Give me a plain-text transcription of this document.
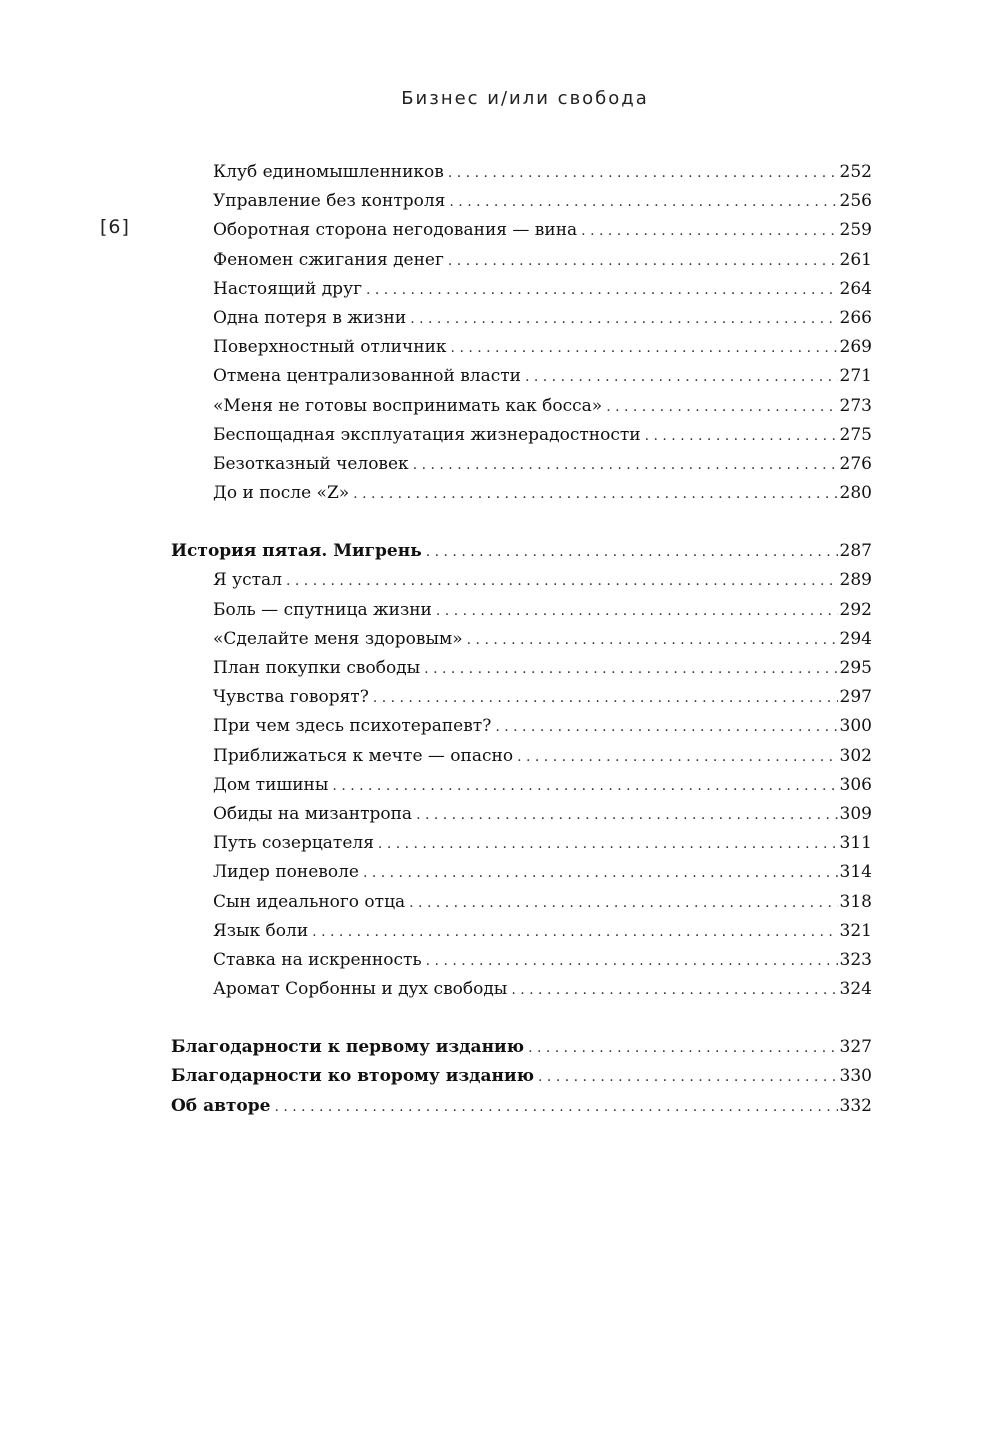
Бизнес и/или свобода
[6]
Клуб единомышленников . . .	252
Управление без контроля . . .	256
Оборотная сторона негодования — вина . . .	259
Феномен сжигания денег . . .	261
Настоящий друг . . .	264
Одна потеря в жизни . . .	266
Поверхностный отличник . . .	269
Отмена централизованной власти . . .	271
«Меня не готовы воспринимать как босса» . . .	273
Беспощадная эксплуатация жизнерадостности . . .	275
Безотказный человек . . .	276
До и после «Z» . . .	280
История пятая. Мигрень . . .	287
Я устал . . .	289
Боль — спутница жизни . . .	292
«Сделайте меня здоровым» . . .	294
План покупки свободы . . .	295
Чувства говорят? . . .	297
При чем здесь психотерапевт? . . .	300
Приближаться к мечте — опасно . . .	302
Дом тишины . . .	306
Обиды на мизантропа . . .	309
Путь созерцателя . . .	311
Лидер поневоле . . .	314
Сын идеального отца . . .	318
Язык боли . . .	321
Ставка на искренность . . .	323
Аромат Сорбонны и дух свободы . . .	324
Благодарности к первому изданию . . .	327
Благодарности ко второму изданию . . .	330
Об авторе . . .	332
